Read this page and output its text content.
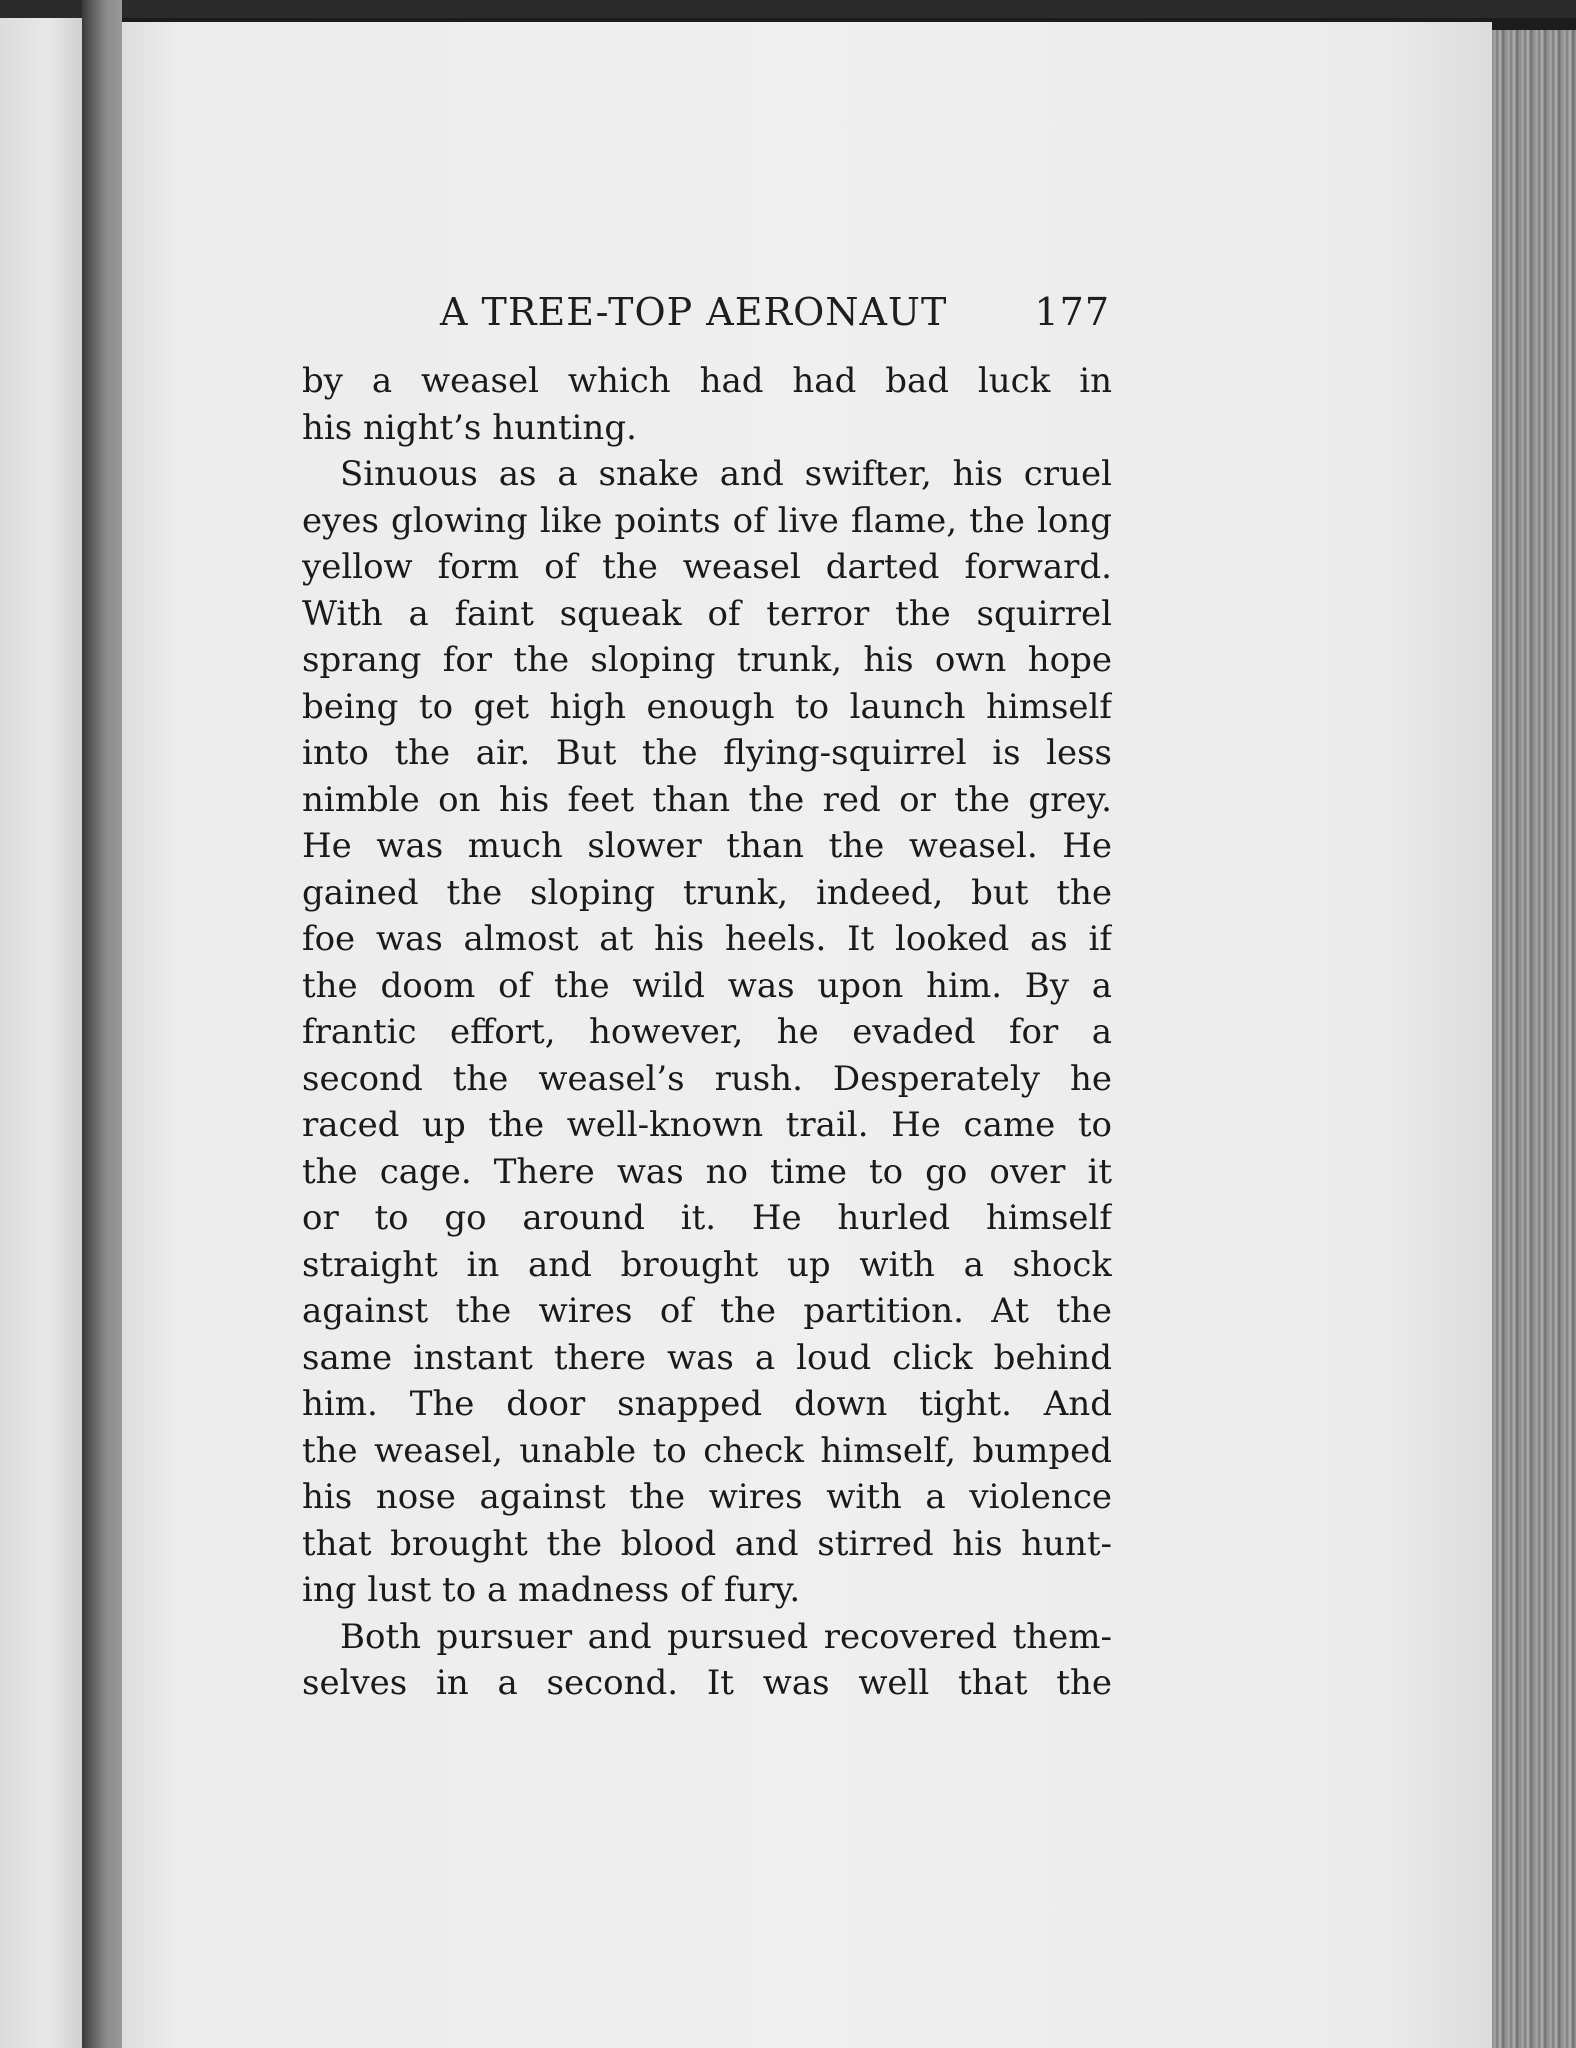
A TREE-TOP AERONAUT 177
by a weasel which had had bad luck in
his night’s hunting.
Sinuous as a snake and swifter, his cruel
eyes glowing like points of live flame, the long
yellow form of the weasel darted forward.
With a faint squeak of terror the squirrel
sprang for the sloping trunk, his own hope
being to get high enough to launch himself
into the air. But the flying-squirrel is less
nimble on his feet than the red or the grey.
He was much slower than the weasel. He
gained the sloping trunk, indeed, but the
foe was almost at his heels. It looked as if
the doom of the wild was upon him. By a
frantic effort, however, he evaded for a
second the weasel’s rush. Desperately he
raced up the well-known trail. He came to
the cage. There was no time to go over it
or to go around it. He hurled himself
straight in and brought up with a shock
against the wires of the partition. At the
same instant there was a loud click behind
him. The door snapped down tight. And
the weasel, unable to check himself, bumped
his nose against the wires with a violence
that brought the blood and stirred his hunt-
ing lust to a madness of fury.
Both pursuer and pursued recovered them-
selves in a second. It was well that the
